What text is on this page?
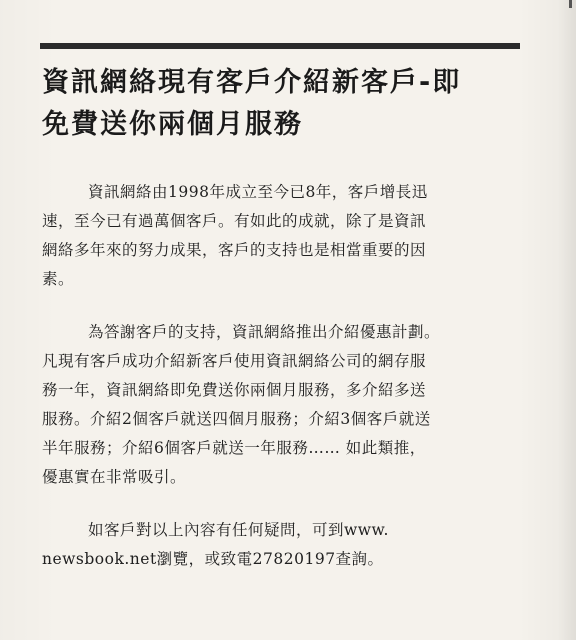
資訊網絡現有客戶介紹新客戶-即
免費送你兩個月服務

資訊網絡由1998年成立至今已8年，客戶增長迅
速，至今已有過萬個客戶。有如此的成就，除了是資訊
網絡多年來的努力成果，客戶的支持也是相當重要的因
素。

為答謝客戶的支持，資訊網絡推出介紹優惠計劃。
凡現有客戶成功介紹新客戶使用資訊網絡公司的網存服
務一年，資訊網絡即免費送你兩個月服務，多介紹多送
服務。介紹2個客戶就送四個月服務；介紹3個客戶就送
半年服務；介紹6個客戶就送一年服務…… 如此類推，
優惠實在非常吸引。

如客戶對以上內容有任何疑問，可到www.
newsbook.net瀏覽，或致電27820197查詢。
